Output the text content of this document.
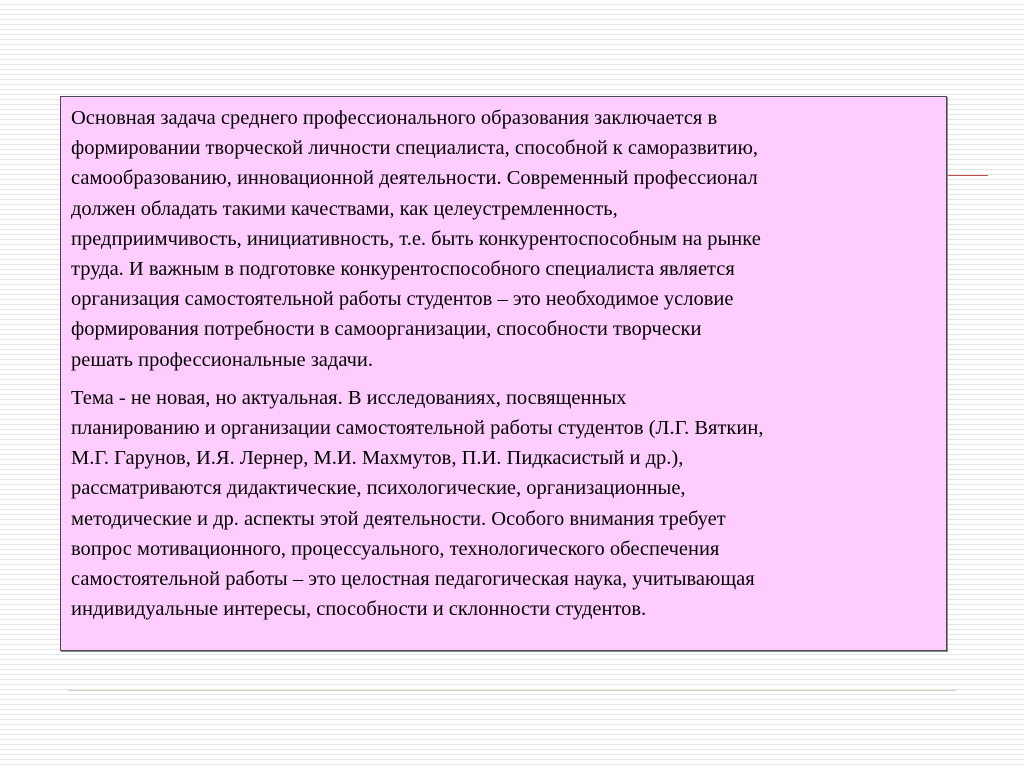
Основная задача среднего профессионального образования заключается в
формировании творческой личности специалиста, способной к саморазвитию,
самообразованию, инновационной деятельности. Современный профессионал
должен обладать такими качествами, как целеустремленность,
предприимчивость, инициативность, т.е. быть конкурентоспособным на рынке
труда. И важным в подготовке конкурентоспособного специалиста является
организация самостоятельной работы студентов – это необходимое условие
формирования потребности в самоорганизации, способности творчески
решать профессиональные задачи.

Тема - не новая, но актуальная. В исследованиях, посвященных
планированию и организации самостоятельной работы студентов (Л.Г. Вяткин,
М.Г. Гарунов, И.Я. Лернер, М.И. Махмутов, П.И. Пидкасистый и др.),
рассматриваются дидактические, психологические, организационные,
методические и др. аспекты этой деятельности. Особого внимания требует
вопрос мотивационного, процессуального, технологического обеспечения
самостоятельной работы – это целостная педагогическая наука, учитывающая
индивидуальные интересы, способности и склонности студентов.
